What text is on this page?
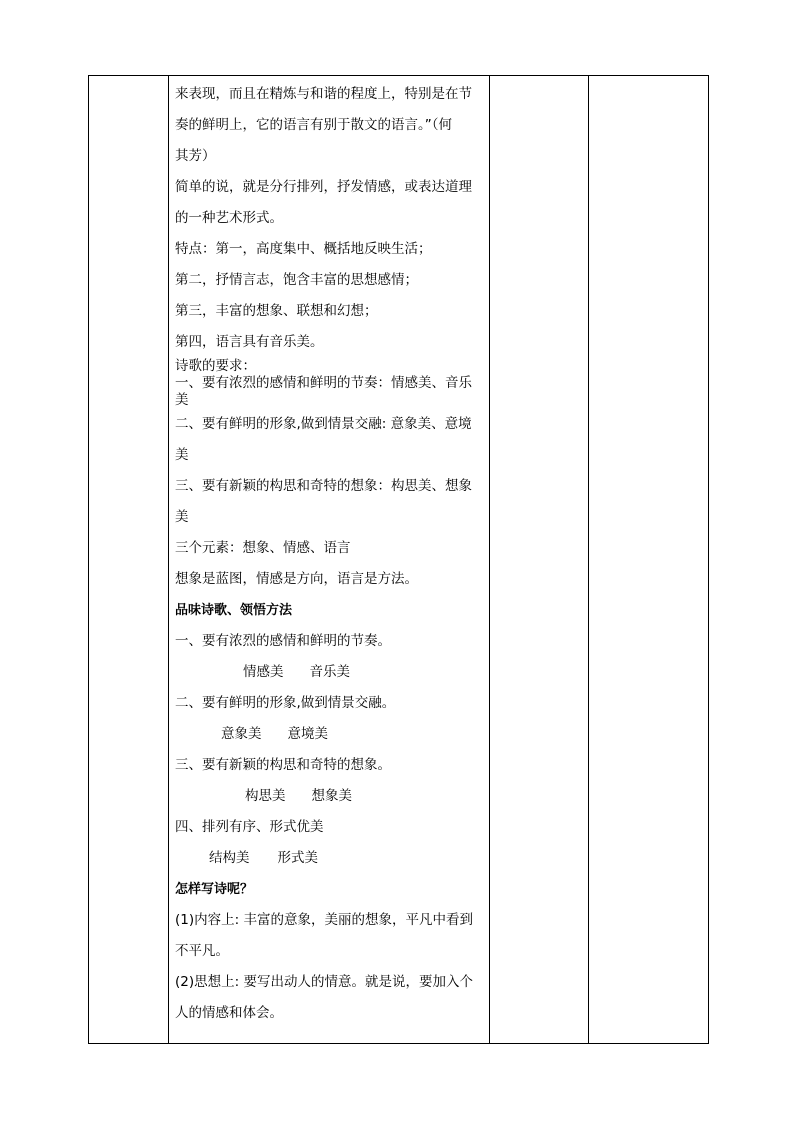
来表现，而且在精炼与和谐的程度上，特别是在节
奏的鲜明上，它的语言有别于散文的语言。”（何
其芳）
简单的说，就是分行排列，抒发情感，或表达道理
的一种艺术形式。
特点：第一，高度集中、概括地反映生活；
第二，抒情言志，饱含丰富的思想感情；
第三，丰富的想象、联想和幻想；
第四，语言具有音乐美。
诗歌的要求：
一、要有浓烈的感情和鲜明的节奏：情感美、音乐
美
二、要有鲜明的形象,做到情景交融: 意象美、意境
美
三、要有新颖的构思和奇特的想象：构思美、想象
美
三个元素：想象、情感、语言
想象是蓝图，情感是方向，语言是方法。
品味诗歌、领悟方法
一、要有浓烈的感情和鲜明的节奏。
情感美 音乐美
二、要有鲜明的形象,做到情景交融。
意象美 意境美
三、要有新颖的构思和奇特的想象。
构思美 想象美
四、排列有序、形式优美
结构美 形式美
怎样写诗呢？
(1)内容上: 丰富的意象，美丽的想象，平凡中看到
不平凡。
(2)思想上: 要写出动人的情意。就是说，要加入个
人的情感和体会。
